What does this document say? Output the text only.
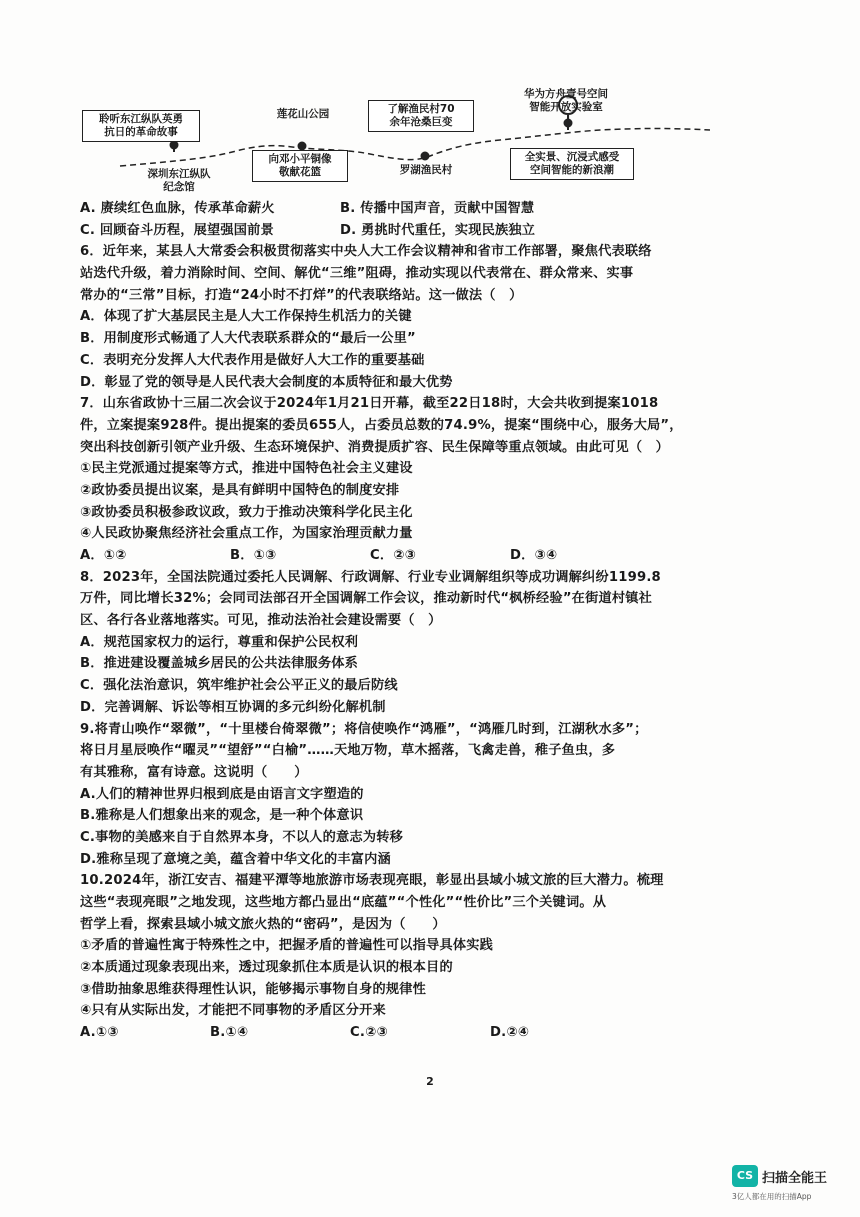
聆听东江纵队英勇
抗日的革命故事
深圳东江纵队
纪念馆
莲花山公园
向邓小平铜像
敬献花篮
了解渔民村70
余年沧桑巨变
罗湖渔民村
华为方舟壹号空间
智能开放实验室
全实景、沉浸式感受
空间智能的新浪潮
A. 赓续红色血脉，传承革命薪火	B. 传播中国声音，贡献中国智慧
C. 回顾奋斗历程，展望强国前景	D. 勇挑时代重任，实现民族独立
6．近年来，某县人大常委会积极贯彻落实中央人大工作会议精神和省市工作部署，聚焦代表联络
站迭代升级，着力消除时间、空间、解优“三维”阻碍，推动实现以代表常在、群众常来、实事
常办的“三常”目标，打造“24小时不打烊”的代表联络站。这一做法（　）
A．体现了扩大基层民主是人大工作保持生机活力的关键
B．用制度形式畅通了人大代表联系群众的“最后一公里”
C．表明充分发挥人大代表作用是做好人大工作的重要基础
D．彰显了党的领导是人民代表大会制度的本质特征和最大优势
7．山东省政协十三届二次会议于2024年1月21日开幕，截至22日18时，大会共收到提案1018
件，立案提案928件。提出提案的委员655人，占委员总数的74.9%，提案“围绕中心，服务大局”，
突出科技创新引领产业升级、生态环境保护、消费提质扩容、民生保障等重点领域。由此可见（　）
①民主党派通过提案等方式，推进中国特色社会主义建设
②政协委员提出议案，是具有鲜明中国特色的制度安排
③政协委员积极参政议政，致力于推动决策科学化民主化
④人民政协聚焦经济社会重点工作，为国家治理贡献力量
A．①②	B．①③	C．②③	D．③④
8．2023年，全国法院通过委托人民调解、行政调解、行业专业调解组织等成功调解纠纷1199.8
万件，同比增长32%；会同司法部召开全国调解工作会议，推动新时代“枫桥经验”在街道村镇社
区、各行各业落地落实。可见，推动法治社会建设需要（　）
A．规范国家权力的运行，尊重和保护公民权利
B．推进建设覆盖城乡居民的公共法律服务体系
C．强化法治意识，筑牢维护社会公平正义的最后防线
D．完善调解、诉讼等相互协调的多元纠纷化解机制
9.将青山唤作“翠微”，“十里楼台倚翠微”；将信使唤作“鸿雁”，“鸿雁几时到，江湖秋水多”；
将日月星辰唤作“曜灵”“望舒”“白榆”……天地万物，草木摇落，飞禽走兽，稚子鱼虫，多
有其雅称，富有诗意。这说明（　　）
A.人们的精神世界归根到底是由语言文字塑造的
B.雅称是人们想象出来的观念，是一种个体意识
C.事物的美感来自于自然界本身，不以人的意志为转移
D.雅称呈现了意境之美，蕴含着中华文化的丰富内涵
10.2024年，浙江安吉、福建平潭等地旅游市场表现亮眼，彰显出县域小城文旅的巨大潜力。梳理
这些“表现亮眼”之地发现，这些地方都凸显出“底蕴”“个性化”“性价比”三个关键词。从
哲学上看，探索县域小城文旅火热的“密码”，是因为（　　）
①矛盾的普遍性寓于特殊性之中，把握矛盾的普遍性可以指导具体实践
②本质通过现象表现出来，透过现象抓住本质是认识的根本目的
③借助抽象思维获得理性认识，能够揭示事物自身的规律性
④只有从实际出发，才能把不同事物的矛盾区分开来
A.①③	B.①④	C.②③	D.②④
2
CS 扫描全能王
3亿人都在用的扫描App
